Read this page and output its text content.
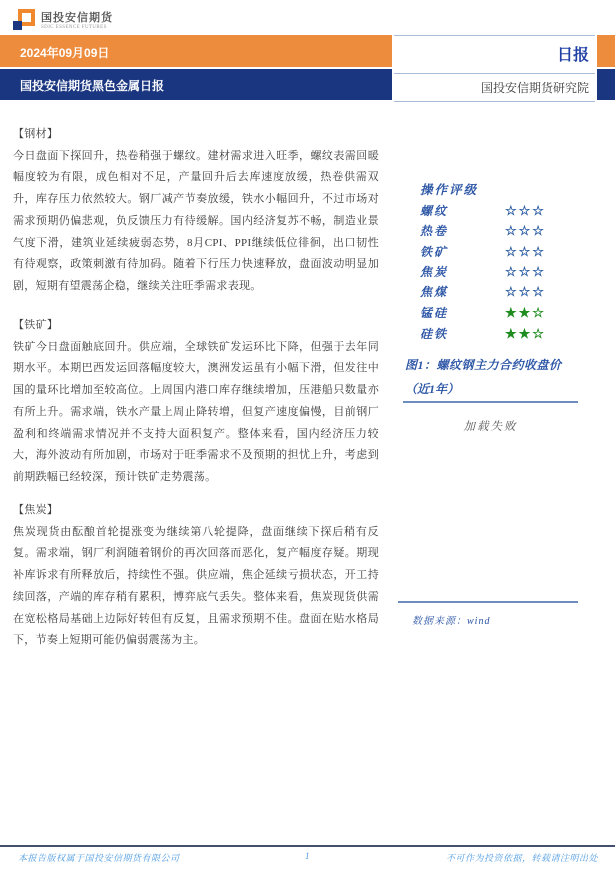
国投安信期货
SDIC ESSENCE FUTURES
2024年09月09日
国投安信期货黑色金属日报
日报
国投安信期货研究院
【钢材】
今日盘面下探回升，热卷稍强于螺纹。建材需求进入旺季，螺纹表需回暖幅度较为有限，成色相对不足，产量回升后去库速度放缓，热卷供需双升，库存压力依然较大。钢厂减产节奏放缓，铁水小幅回升，不过市场对需求预期仍偏悲观，负反馈压力有待缓解。国内经济复苏不畅，制造业景气度下滑，建筑业延续疲弱态势，8月CPI、PPI继续低位徘徊，出口韧性有待观察，政策刺激有待加码。随着下行压力快速释放，盘面波动明显加剧，短期有望震荡企稳，继续关注旺季需求表现。
【铁矿】
铁矿今日盘面触底回升。供应端，全球铁矿发运环比下降，但强于去年同期水平。本期巴西发运回落幅度较大，澳洲发运虽有小幅下滑，但发往中国的量环比增加至较高位。上周国内港口库存继续增加，压港船只数量亦有所上升。需求端，铁水产量上周止降转增，但复产速度偏慢，目前钢厂盈利和终端需求情况并不支持大面积复产。整体来看，国内经济压力较大，海外波动有所加剧，市场对于旺季需求不及预期的担忧上升，考虑到前期跌幅已经较深，预计铁矿走势震荡。
【焦炭】
焦炭现货由酝酿首轮提涨变为继续第八轮提降，盘面继续下探后稍有反复。需求端，钢厂利润随着钢价的再次回落而恶化，复产幅度存疑。期现补库诉求有所释放后，持续性不强。供应端，焦企延续亏损状态，开工持续回落，产端的库存稍有累积，博弈底气丢失。整体来看，焦炭现货供需在宽松格局基础上边际好转但有反复，且需求预期不佳。盘面在贴水格局下，节奏上短期可能仍偏弱震荡为主。
操作评级
螺纹	☆☆☆
热卷	☆☆☆
铁矿	☆☆☆
焦炭	☆☆☆
焦煤	☆☆☆
锰硅	★★☆
硅铁	★★☆
图1：螺纹钢主力合约收盘价
（近1年）
加载失败
数据来源：wind
本报告版权属于国投安信期货有限公司	1	不可作为投资依据，转载请注明出处
